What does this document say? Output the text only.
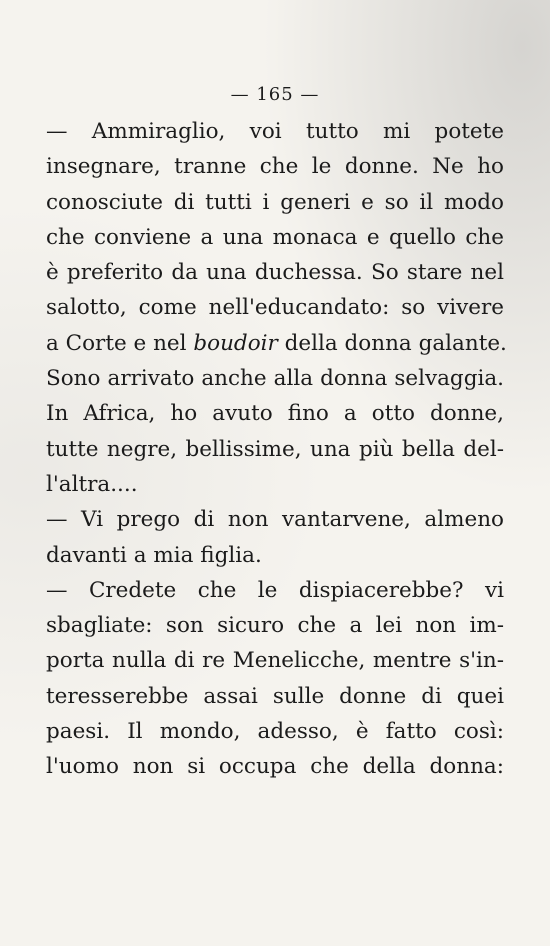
— 165 —
— Ammiraglio, voi tutto mi potete
insegnare, tranne che le donne. Ne ho
conosciute di tutti i generi e so il modo
che conviene a una monaca e quello che
è preferito da una duchessa. So stare nel
salotto, come nell'educandato: so vivere
a Corte e nel boudoir della donna galante.
Sono arrivato anche alla donna selvaggia.
In Africa, ho avuto fino a otto donne,
tutte negre, bellissime, una più bella del-
l'altra....
— Vi prego di non vantarvene, almeno
davanti a mia figlia.
— Credete che le dispiacerebbe? vi
sbagliate: son sicuro che a lei non im-
porta nulla di re Menelicche, mentre s'in-
teresserebbe assai sulle donne di quei
paesi. Il mondo, adesso, è fatto così:
l'uomo non si occupa che della donna:
